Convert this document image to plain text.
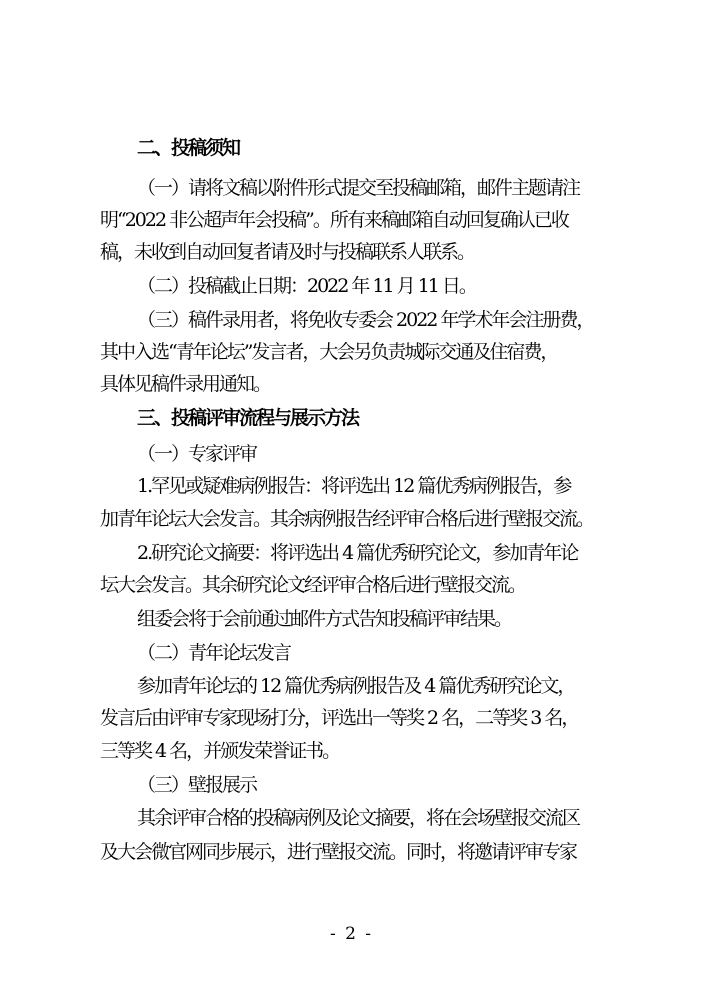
二、投稿须知
（一）请将文稿以附件形式提交至投稿邮箱，邮件主题请注
明“2022 非公超声年会投稿”。所有来稿邮箱自动回复确认已收
稿，未收到自动回复者请及时与投稿联系人联系。
（二）投稿截止日期：2022 年 11 月 11 日。
（三）稿件录用者，将免收专委会 2022 年学术年会注册费，
其中入选“青年论坛”发言者，大会另负责城际交通及住宿费，
具体见稿件录用通知。
三、投稿评审流程与展示方法
（一）专家评审
1.罕见或疑难病例报告：将评选出 12 篇优秀病例报告，参
加青年论坛大会发言。其余病例报告经评审合格后进行壁报交流。
2.研究论文摘要：将评选出 4 篇优秀研究论文，参加青年论
坛大会发言。其余研究论文经评审合格后进行壁报交流。
组委会将于会前通过邮件方式告知投稿评审结果。
（二）青年论坛发言
参加青年论坛的 12 篇优秀病例报告及 4 篇优秀研究论文，
发言后由评审专家现场打分，评选出一等奖 2 名，二等奖 3 名，
三等奖 4 名，并颁发荣誉证书。
（三）壁报展示
其余评审合格的投稿病例及论文摘要，将在会场壁报交流区
及大会微官网同步展示，进行壁报交流。同时，将邀请评审专家
- 2 -
